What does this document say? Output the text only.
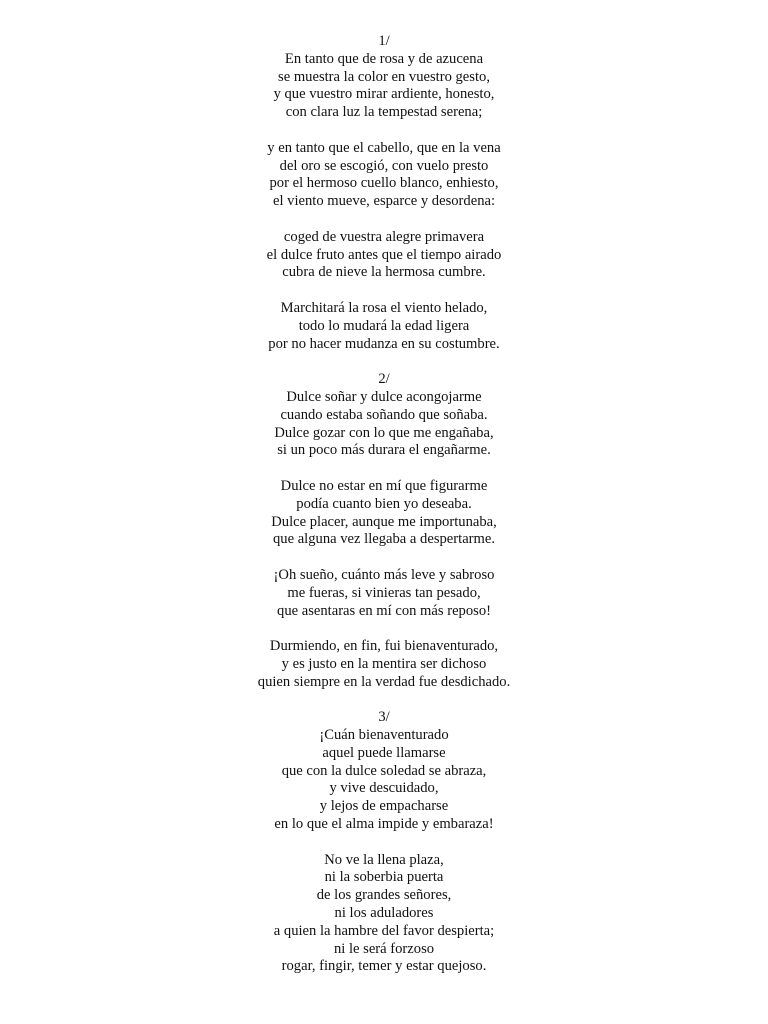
1/
En tanto que de rosa y de azucena
se muestra la color en vuestro gesto,
y que vuestro mirar ardiente, honesto,
con clara luz la tempestad serena;
y en tanto que el cabello, que en la vena
del oro se escogió, con vuelo presto
por el hermoso cuello blanco, enhiesto,
el viento mueve, esparce y desordena:
coged de vuestra alegre primavera
el dulce fruto antes que el tiempo airado
cubra de nieve la hermosa cumbre.
Marchitará la rosa el viento helado,
todo lo mudará la edad ligera
por no hacer mudanza en su costumbre.
2/
Dulce soñar y dulce acongojarme
cuando estaba soñando que soñaba.
Dulce gozar con lo que me engañaba,
si un poco más durara el engañarme.
Dulce no estar en mí que figurarme
podía cuanto bien yo deseaba.
Dulce placer, aunque me importunaba,
que alguna vez llegaba a despertarme.
¡Oh sueño, cuánto más leve y sabroso
me fueras, si vinieras tan pesado,
que asentaras en mí con más reposo!
Durmiendo, en fin, fui bienaventurado,
y es justo en la mentira ser dichoso
quien siempre en la verdad fue desdichado.
3/
¡Cuán bienaventurado
aquel puede llamarse
que con la dulce soledad se abraza,
y vive descuidado,
y lejos de empacharse
en lo que el alma impide y embaraza!
No ve la llena plaza,
ni la soberbia puerta
de los grandes señores,
ni los aduladores
a quien la hambre del favor despierta;
ni le será forzoso
rogar, fingir, temer y estar quejoso.
